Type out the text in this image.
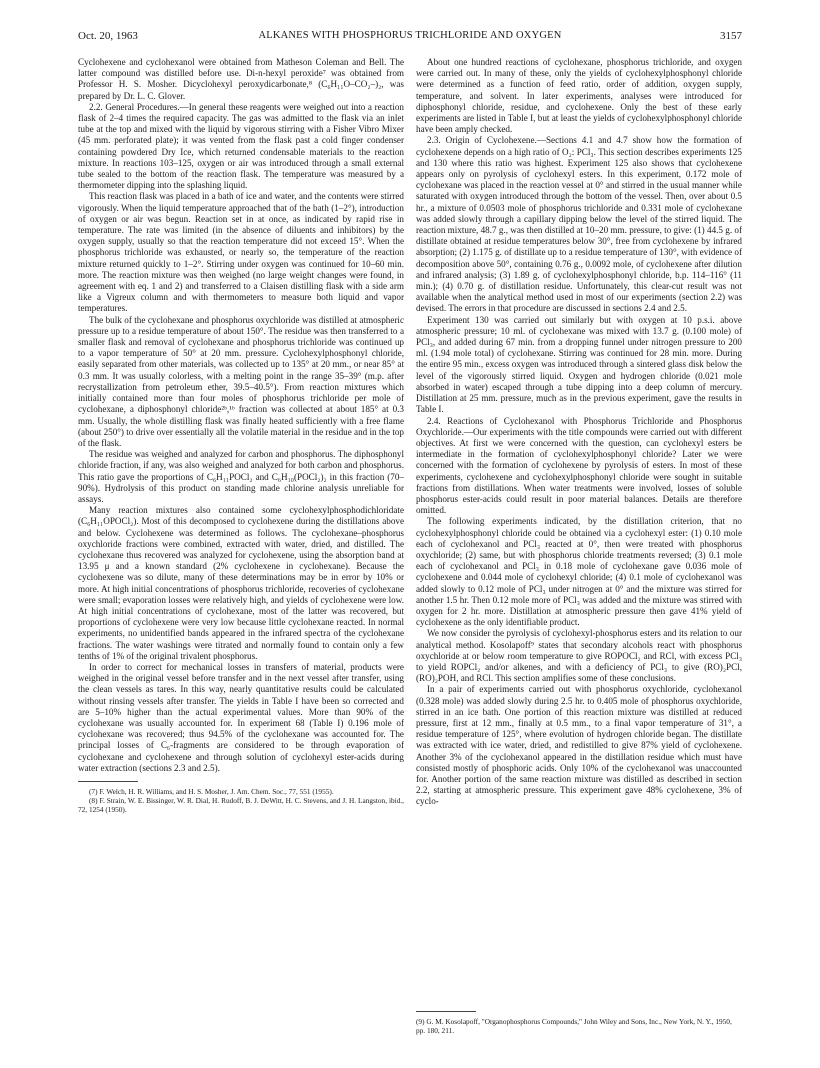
Oct. 20, 1963	ALKANES WITH PHOSPHORUS TRICHLORIDE AND OXYGEN	3157

Cyclohexene and cyclohexanol were obtained from Matheson Coleman and Bell. The latter compound was distilled before use. Di-n-hexyl peroxide⁷ was obtained from Professor H. S. Mosher. Dicyclohexyl peroxydicarbonate,⁸ (C₆H₁₁O–CO₂–)₂, was prepared by Dr. L. C. Glover.

2.2. General Procedures.—In general these reagents were weighed out into a reaction flask of 2–4 times the required capacity. The gas was admitted to the flask via an inlet tube at the top and mixed with the liquid by vigorous stirring with a Fisher Vibro Mixer (45 mm. perforated plate); it was vented from the flask past a cold finger condenser containing powdered Dry Ice, which returned condensable materials to the reaction mixture. In reactions 103–125, oxygen or air was introduced through a small external tube sealed to the bottom of the reaction flask. The temperature was measured by a thermometer dipping into the splashing liquid.

This reaction flask was placed in a bath of ice and water, and the contents were stirred vigorously. When the liquid temperature approached that of the bath (1–2°), introduction of oxygen or air was begun. Reaction set in at once, as indicated by rapid rise in temperature. The rate was limited (in the absence of diluents and inhibitors) by the oxygen supply, usually so that the reaction temperature did not exceed 15°. When the phosphorus trichloride was exhausted, or nearly so, the temperature of the reaction mixture returned quickly to 1–2°. Stirring under oxygen was continued for 10–60 min. more. The reaction mixture was then weighed (no large weight changes were found, in agreement with eq. 1 and 2) and transferred to a Claisen distilling flask with a side arm like a Vigreux column and with thermometers to measure both liquid and vapor temperatures.

The bulk of the cyclohexane and phosphorus oxychloride was distilled at atmospheric pressure up to a residue temperature of about 150°. The residue was then transferred to a smaller flask and removal of cyclohexane and phosphorus trichloride was continued up to a vapor temperature of 50° at 20 mm. pressure. Cyclohexylphosphonyl chloride, easily separated from other materials, was collected up to 135° at 20 mm., or near 85° at 0.3 mm. It was usually colorless, with a melting point in the range 35–39° (m.p. after recrystallization from petroleum ether, 39.5–40.5°). From reaction mixtures which initially contained more than four moles of phosphorus trichloride per mole of cyclohexane, a diphosphonyl chloride²ᵇ,¹ᵇ fraction was collected at about 185° at 0.3 mm. Usually, the whole distilling flask was finally heated sufficiently with a free flame (about 250°) to drive over essentially all the volatile material in the residue and in the top of the flask.

The residue was weighed and analyzed for carbon and phosphorus. The diphosphonyl chloride fraction, if any, was also weighed and analyzed for both carbon and phosphorus. This ratio gave the proportions of C₆H₁₁POCl₂ and C₆H₁₀(POCl₂)₂ in this fraction (70–90%). Hydrolysis of this product on standing made chlorine analysis unreliable for assays.

Many reaction mixtures also contained some cyclohexylphosphodichloridate (C₆H₁₁OPOCl₂). Most of this decomposed to cyclohexene during the distillations above and below. Cyclohexene was determined as follows. The cyclohexane–phosphorus oxychloride fractions were combined, extracted with water, dried, and distilled. The cyclohexane thus recovered was analyzed for cyclohexene, using the absorption band at 13.95 μ and a known standard (2% cyclohexene in cyclohexane). Because the cyclohexene was so dilute, many of these determinations may be in error by 10% or more. At high initial concentrations of phosphorus trichloride, recoveries of cyclohexane were small; evaporation losses were relatively high, and yields of cyclohexene were low. At high initial concentrations of cyclohexane, most of the latter was recovered, but proportions of cyclohexene were very low because little cyclohexane reacted. In normal experiments, no unidentified bands appeared in the infrared spectra of the cyclohexane fractions. The water washings were titrated and normally found to contain only a few tenths of 1% of the original trivalent phosphorus.

In order to correct for mechanical losses in transfers of material, products were weighed in the original vessel before transfer and in the next vessel after transfer, using the clean vessels as tares. In this way, nearly quantitative results could be calculated without rinsing vessels after transfer. The yields in Table I have been so corrected and are 5–10% higher than the actual experimental values. More than 90% of the cyclohexane was usually accounted for. In experiment 68 (Table I) 0.196 mole of cyclohexane was recovered; thus 94.5% of the cyclohexane was accounted for. The principal losses of C₆-fragments are considered to be through evaporation of cyclohexane and cyclohexene and through solution of cyclohexyl ester-acids during water extraction (sections 2.3 and 2.5).

(7) F. Welch, H. R. Williams, and H. S. Mosher, J. Am. Chem. Soc., 77, 551 (1955).

(8) F. Strain, W. E. Bissinger, W. R. Dial, H. Rudoff, B. J. DeWitt, H. C. Stevens, and J. H. Langston, ibid., 72, 1254 (1950).

About one hundred reactions of cyclohexane, phosphorus trichloride, and oxygen were carried out. In many of these, only the yields of cyclohexylphosphonyl chloride were determined as a function of feed ratio, order of addition, oxygen supply, temperature, and solvent. In later experiments, analyses were introduced for diphosphonyl chloride, residue, and cyclohexene. Only the best of these early experiments are listed in Table I, but at least the yields of cyclohexylphosphonyl chloride have been amply checked.

2.3. Origin of Cyclohexene.—Sections 4.1 and 4.7 show how the formation of cyclohexene depends on a high ratio of O₂: PCl₃. This section describes experiments 125 and 130 where this ratio was highest. Experiment 125 also shows that cyclohexene appears only on pyrolysis of cyclohexyl esters. In this experiment, 0.172 mole of cyclohexane was placed in the reaction vessel at 0° and stirred in the usual manner while saturated with oxygen introduced through the bottom of the vessel. Then, over about 0.5 hr., a mixture of 0.0503 mole of phosphorus trichloride and 0.331 mole of cyclohexane was added slowly through a capillary dipping below the level of the stirred liquid. The reaction mixture, 48.7 g., was then distilled at 10–20 mm. pressure, to give: (1) 44.5 g. of distillate obtained at residue temperatures below 30°, free from cyclohexene by infrared absorption; (2) 1.175 g. of distillate up to a residue temperature of 130°, with evidence of decomposition above 50°, containing 0.76 g., 0.0092 mole, of cyclohexene after dilution and infrared analysis; (3) 1.89 g. of cyclohexylphosphonyl chloride, b.p. 114–116° (11 min.); (4) 0.70 g. of distillation residue. Unfortunately, this clear-cut result was not available when the analytical method used in most of our experiments (section 2.2) was devised. The errors in that procedure are discussed in sections 2.4 and 2.5.

Experiment 130 was carried out similarly but with oxygen at 10 p.s.i. above atmospheric pressure; 10 ml. of cyclohexane was mixed with 13.7 g. (0.100 mole) of PCl₃, and added during 67 min. from a dropping funnel under nitrogen pressure to 200 ml. (1.94 mole total) of cyclohexane. Stirring was continued for 28 min. more. During the entire 95 min., excess oxygen was introduced through a sintered glass disk below the level of the vigorously stirred liquid. Oxygen and hydrogen chloride (0.021 mole absorbed in water) escaped through a tube dipping into a deep column of mercury. Distillation at 25 mm. pressure, much as in the previous experiment, gave the results in Table I.

2.4. Reactions of Cyclohexanol with Phosphorus Trichloride and Phosphorus Oxychloride.—Our experiments with the title compounds were carried out with different objectives. At first we were concerned with the question, can cyclohexyl esters be intermediate in the formation of cyclohexylphosphonyl chloride? Later we were concerned with the formation of cyclohexene by pyrolysis of esters. In most of these experiments, cyclohexene and cyclohexylphosphonyl chloride were sought in suitable fractions from distillations. When water treatments were involved, losses of soluble phosphorus ester-acids could result in poor material balances. Details are therefore omitted.

The following experiments indicated, by the distillation criterion, that no cyclohexylphosphonyl chloride could be obtained via a cyclohexyl ester: (1) 0.10 mole each of cyclohexanol and PCl₃ reacted at 0°, then were treated with phosphorus oxychloride; (2) same, but with phosphorus chloride treatments reversed; (3) 0.1 mole each of cyclohexanol and PCl₃ in 0.18 mole of cyclohexane gave 0.036 mole of cyclohexene and 0.044 mole of cyclohexyl chloride; (4) 0.1 mole of cyclohexanol was added slowly to 0.12 mole of PCl₃ under nitrogen at 0° and the mixture was stirred for another 1.5 hr. Then 0.12 mole more of PCl₃ was added and the mixture was stirred with oxygen for 2 hr. more. Distillation at atmospheric pressure then gave 41% yield of cyclohexene as the only identifiable product.

We now consider the pyrolysis of cyclohexyl-phosphorus esters and its relation to our analytical method. Kosolapoff⁹ states that secondary alcohols react with phosphorus oxychloride at or below room temperature to give ROPOCl₂ and RCl, with excess PCl₃ to yield ROPCl₂ and/or alkenes, and with a deficiency of PCl₃ to give (RO)₂PCl, (RO)₂POH, and RCl. This section amplifies some of these conclusions.

In a pair of experiments carried out with phosphorus oxychloride, cyclohexanol (0.328 mole) was added slowly during 2.5 hr. to 0.405 mole of phosphorus oxychloride, stirred in an ice bath. One portion of this reaction mixture was distilled at reduced pressure, first at 12 mm., finally at 0.5 mm., to a final vapor temperature of 31°, a residue temperature of 125°, where evolution of hydrogen chloride began. The distillate was extracted with ice water, dried, and redistilled to give 87% yield of cyclohexene. Another 3% of the cyclohexanol appeared in the distillation residue which must have consisted mostly of phosphoric acids. Only 10% of the cyclohexanol was unaccounted for. Another portion of the same reaction mixture was distilled as described in section 2.2, starting at atmospheric pressure. This experiment gave 48% cyclohexene, 3% of cyclo-

(9) G. M. Kosolapoff, "Organophosphorus Compounds," John Wiley and Sons, Inc., New York, N. Y., 1950, pp. 180, 211.
